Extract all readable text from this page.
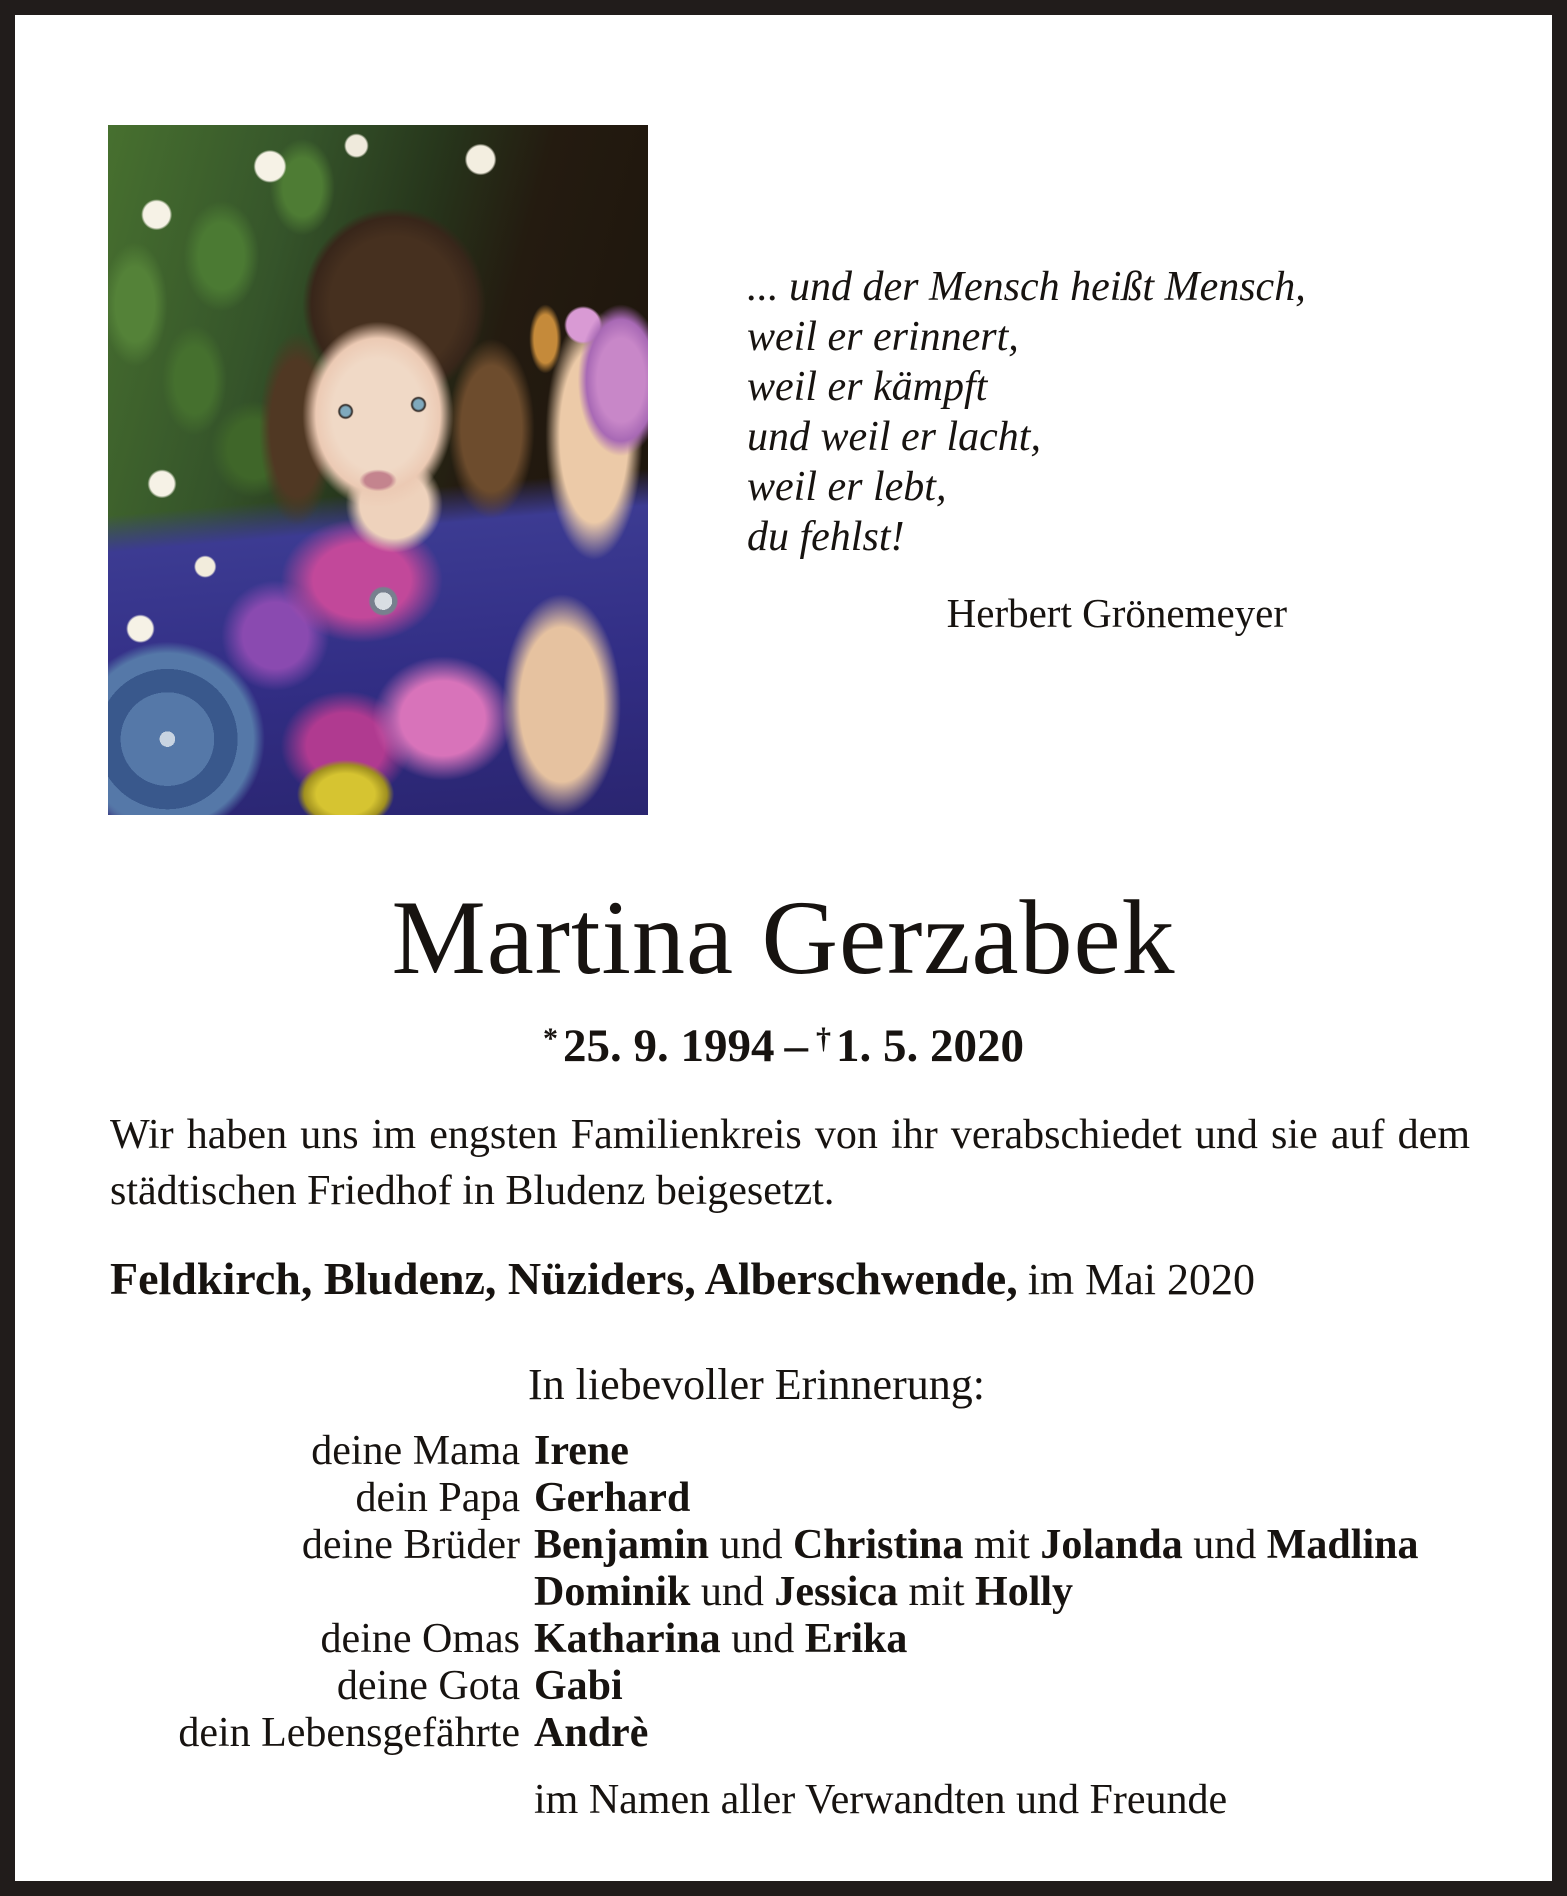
... und der Mensch heißt Mensch,
weil er erinnert,
weil er kämpft
und weil er lacht,
weil er lebt,
du fehlst!
Herbert Grönemeyer
Martina Gerzabek
* 25. 9. 1994 – † 1. 5. 2020

Wir haben uns im engsten Familienkreis von ihr verabschiedet und sie auf dem städtischen Friedhof in Bludenz beigesetzt.

Feldkirch, Bludenz, Nüziders, Alberschwende, im Mai 2020
In liebevoller Erinnerung:
deine Mama Irene
dein Papa Gerhard
deine Brüder Benjamin und Christina mit Jolanda und Madlina
Dominik und Jessica mit Holly
deine Omas Katharina und Erika
deine Gota Gabi
dein Lebensgefährte Andrè
im Namen aller Verwandten und Freunde
